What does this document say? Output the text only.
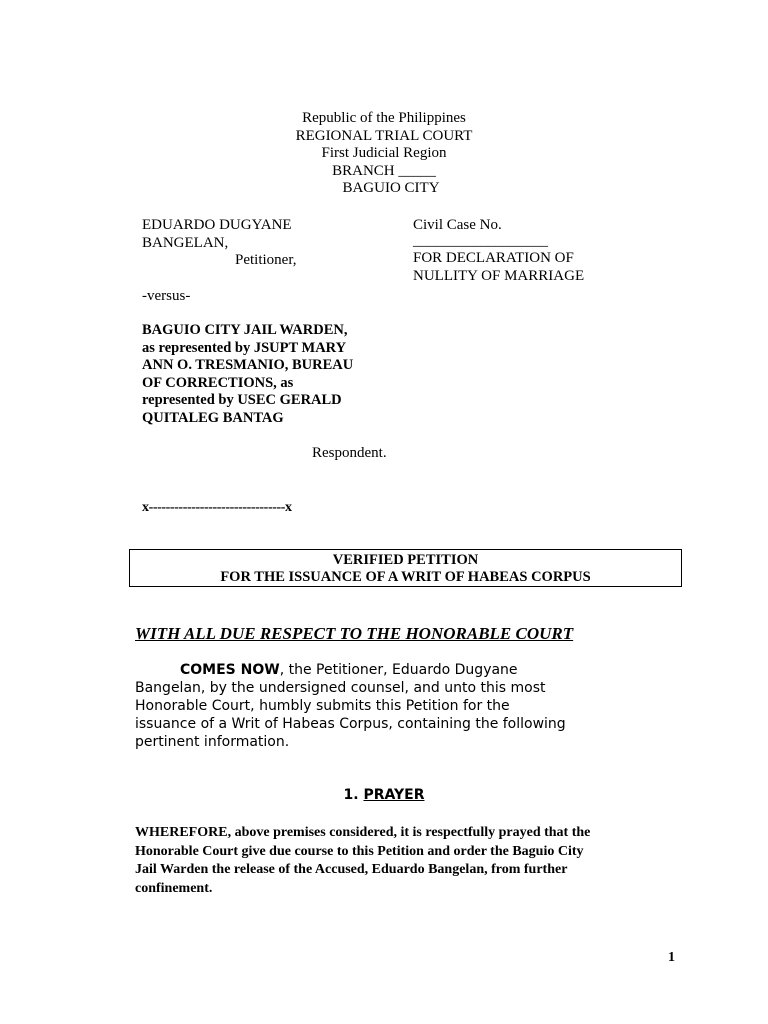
Republic of the Philippines
REGIONAL TRIAL COURT
First Judicial Region
BRANCH _____
BAGUIO CITY
EDUARDO DUGYANE
BANGELAN,
Petitioner,
-versus-
BAGUIO CITY JAIL WARDEN,
as represented by JSUPT MARY
ANN O. TRESMANIO, BUREAU
OF CORRECTIONS, as
represented by USEC GERALD
QUITALEG BANTAG
Respondent.
Civil Case No.
__________________
FOR DECLARATION OF
NULLITY OF MARRIAGE
x--------------------------------x
VERIFIED PETITION
FOR THE ISSUANCE OF A WRIT OF HABEAS CORPUS
WITH ALL DUE RESPECT TO THE HONORABLE COURT
COMES NOW, the Petitioner, Eduardo Dugyane
Bangelan, by the undersigned counsel, and unto this most
Honorable Court, humbly submits this Petition for the
issuance of a Writ of Habeas Corpus, containing the following
pertinent information.
1. PRAYER
WHEREFORE, above premises considered, it is respectfully prayed that the
Honorable Court give due course to this Petition and order the Baguio City
Jail Warden the release of the Accused, Eduardo Bangelan, from further
confinement.
1
